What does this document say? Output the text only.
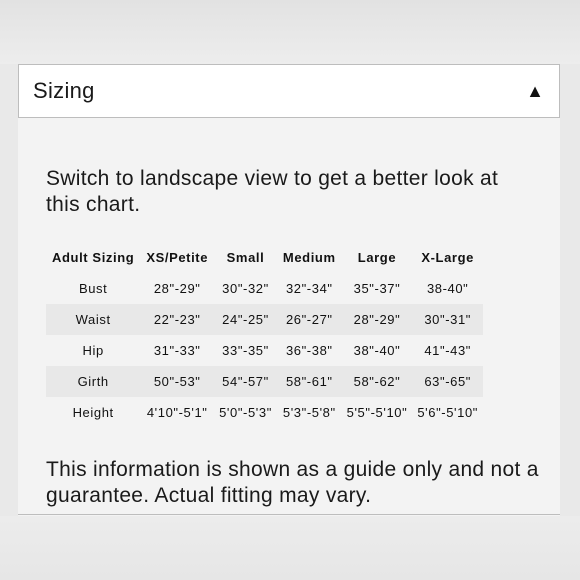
Sizing	▲
Switch to landscape view to get a better look at this chart.
Adult Sizing	XS/Petite	Small	Medium	Large	X-Large
Bust	28"-29"	30"-32"	32"-34"	35"-37"	38-40"
Waist	22"-23"	24"-25"	26"-27"	28"-29"	30"-31"
Hip	31"-33"	33"-35"	36"-38"	38"-40"	41"-43"
Girth	50"-53"	54"-57"	58"-61"	58"-62"	63"-65"
Height	4'10"-5'1"	5'0"-5'3"	5'3"-5'8"	5'5"-5'10"	5'6"-5'10"
This information is shown as a guide only and not a guarantee. Actual fitting may vary.
